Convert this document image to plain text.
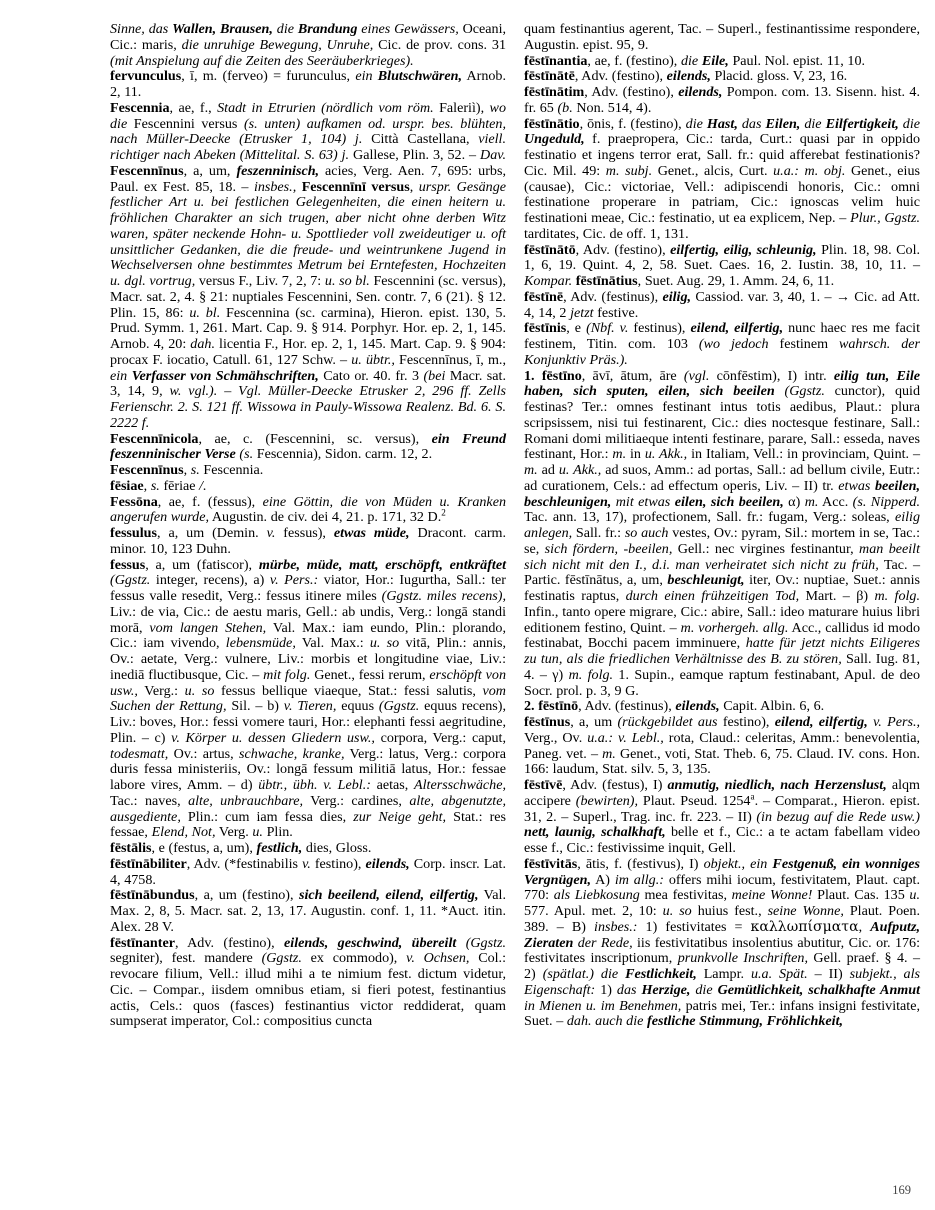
Sinne, das Wallen, Brausen, die Brandung eines Gewässers, Oceani, Cic.: maris, die unruhige Bewegung, Unruhe, Cic. de prov. cons. 31 (mit Anspielung auf die Zeiten des Seeräuberkrieges).

fervunculus, ī, m. (ferveo) = furunculus, ein Blutschwären, Arnob. 2, 11.

Fescennia, ae, f., Stadt in Etrurien (nördlich vom röm. Faleriì), wo die Fescennini versus (s. unten) aufkamen od. urspr. bes. blühten, nach Müller-Deecke (Etrusker 1, 104) j. Città Castellana, viell. richtiger nach Abeken (Mittelital. S. 63) j. Gallese, Plin. 3, 52. – Dav. Fescennīnus, a, um, feszenninisch, acies, Verg. Aen. 7, 695: urbs, Paul. ex Fest. 85, 18. – insbes., Fescennīnī versus, urspr. Gesänge festlicher Art u. bei festlichen Gelegenheiten, die einen heitern u. fröhlichen Charakter an sich trugen, aber nicht ohne derben Witz waren, später neckende Hohn- u. Spottlieder voll zweideutiger u. oft unsittlicher Gedanken, die die freude- und weintrunkene Jugend in Wechselversen ohne bestimmtes Metrum bei Erntefesten, Hochzeiten u. dgl. vortrug, versus F., Liv. 7, 2, 7: u. so bl. Fescennini (sc. versus), Macr. sat. 2, 4. § 21: nuptiales Fescennini, Sen. contr. 7, 6 (21). § 12. Plin. 15, 86: u. bl. Fescennina (sc. carmina), Hieron. epist. 130, 5. Prud. Symm. 1, 261. Mart. Cap. 9. § 914. Porphyr. Hor. ep. 2, 1, 145. Arnob. 4, 20: dah. licentia F., Hor. ep. 2, 1, 145. Mart. Cap. 9. § 904: procax F. iocatio, Catull. 61, 127 Schw. – u. übtr., Fescennīnus, ī, m., ein Verfasser von Schmähschriften, Cato or. 40. fr. 3 (bei Macr. sat. 3, 14, 9, w. vgl.). – Vgl. Müller-Deecke Etrusker 2, 296 ff. Zells Ferienschr. 2. S. 121 ff. Wissowa in Pauly-Wissowa Realenz. Bd. 6. S. 2222 f.

Fescennīnicola, ae, c. (Fescennini, sc. versus), ein Freund feszenninischer Verse (s. Fescennia), Sidon. carm. 12, 2.

Fescennīnus, s. Fescennia.

fēsiae, s. fēriae /.

Fessōna, ae, f. (fessus), eine Göttin, die von Müden u. Kranken angerufen wurde, Augustin. de civ. dei 4, 21. p. 171, 32 D.$^2$

fessulus, a, um (Demin. v. fessus), etwas müde, Dracont. carm. minor. 10, 123 Duhn.

fessus, a, um (fatiscor), mürbe, müde, matt, erschöpft, entkräftet (Ggstz. integer, recens), a) v. Pers.: viator, Hor.: Iugurtha, Sall.: ter fessus valle resedit, Verg.: fessus itinere miles (Ggstz. miles recens), Liv.: de via, Cic.: de aestu maris, Gell.: ab undis, Verg.: longā standi morā, vom langen Stehen, Val. Max.: iam eundo, Plin.: plorando, Cic.: iam vivendo, lebensmüde, Val. Max.: u. so vitā, Plin.: annis, Ov.: aetate, Verg.: vulnere, Liv.: morbis et longitudine viae, Liv.: inediā fluctibusque, Cic. – mit folg. Genet., fessi rerum, erschöpft von usw., Verg.: u. so fessus bellique viaeque, Stat.: fessi salutis, vom Suchen der Rettung, Sil. – b) v. Tieren, equus (Ggstz. equus recens), Liv.: boves, Hor.: fessi vomere tauri, Hor.: elephanti fessi aegritudine, Plin. – c) v. Körper u. dessen Gliedern usw., corpora, Verg.: caput, todesmatt, Ov.: artus, schwache, kranke, Verg.: latus, Verg.: corpora duris fessa ministeriis, Ov.: longā fessum militiā latus, Hor.: fessae labore vires, Amm. – d) übtr., übh. v. Lebl.: aetas, Altersschwäche, Tac.: naves, alte, unbrauchbare, Verg.: cardines, alte, abgenutzte, ausgediente, Plin.: cum iam fessa dies, zur Neige geht, Stat.: res fessae, Elend, Not, Verg. u. Plin.

fēstālis, e (festus, a, um), festlich, dies, Gloss.

fēstīnābiliter, Adv. (*festinabilis v. festino), eilends, Corp. inscr. Lat. 4, 4758.

fēstīnābundus, a, um (festino), sich beeilend, eilend, eilfertig, Val. Max. 2, 8, 5. Macr. sat. 2, 13, 17. Augustin. conf. 1, 11. *Auct. itin. Alex. 28 V.

fēstīnanter, Adv. (festino), eilends, geschwind, übereilt (Ggstz. segniter), fest. mandere (Ggstz. ex commodo), v. Ochsen, Col.: revocare filium, Vell.: illud mihi a te nimium fest. dictum videtur, Cic. – Compar., iisdem omnibus etiam, si fieri potest, festinantius actis, Cels.: quos (fasces) festinantius victor reddiderat, quam sumpserat imperator, Col.: compositius cuncta

quam festinantius agerent, Tac. – Superl., festinantissime respondere, Augustin. epist. 95, 9.

fēstīnantia, ae, f. (festino), die Eile, Paul. Nol. epist. 11, 10.

fēstīnātē, Adv. (festino), eilends, Placid. gloss. V, 23, 16.

fēstīnātim, Adv. (festino), eilends, Pompon. com. 13. Sisenn. hist. 4. fr. 65 (b. Non. 514, 4).

fēstīnātio, ōnis, f. (festino), die Hast, das Eilen, die Eilfertigkeit, die Ungeduld, f. praepropera, Cic.: tarda, Curt.: quasi par in oppido festinatio et ingens terror erat, Sall. fr.: quid afferebat festinationis? Cic. Mil. 49: m. subj. Genet., alcis, Curt. u.a.: m. obj. Genet., eius (causae), Cic.: victoriae, Vell.: adipiscendi honoris, Cic.: omni festinatione properare in patriam, Cic.: ignoscas velim huic festinationi meae, Cic.: festinatio, ut ea explicem, Nep. – Plur., Ggstz. tarditates, Cic. de off. 1, 131.

fēstīnātō, Adv. (festino), eilfertig, eilig, schleunig, Plin. 18, 98. Col. 1, 6, 19. Quint. 4, 2, 58. Suet. Caes. 16, 2. Iustin. 38, 10, 11. – Kompar. fēstīnātius, Suet. Aug. 29, 1. Amm. 24, 6, 11.

fēstīnē, Adv. (festinus), eilig, Cassiod. var. 3, 40, 1. – → Cic. ad Att. 4, 14, 2 jetzt festive.

fēstīnis, e (Nbf. v. festinus), eilend, eilfertig, nunc haec res me facit festinem, Titin. com. 103 (wo jedoch festinem wahrsch. der Konjunktiv Präs.).

1. fēstīno, āvī, ātum, āre (vgl. cōnfēstim), I) intr. eilig tun, Eile haben, sich sputen, eilen, sich beeilen (Ggstz. cunctor), quid festinas? Ter.: omnes festinant intus totis aedibus, Plaut.: plura scripsissem, nisi tui festinarent, Cic.: dies noctesque festinare, Sall.: Romani domi militiaeque intenti festinare, parare, Sall.: esseda, naves festinant, Hor.: m. in u. Akk., in Italiam, Vell.: in provinciam, Quint. – m. ad u. Akk., ad suos, Amm.: ad portas, Sall.: ad bellum civile, Eutr.: ad curationem, Cels.: ad effectum operis, Liv. – II) tr. etwas beeilen, beschleunigen, mit etwas eilen, sich beeilen, α) m. Acc. (s. Nipperd. Tac. ann. 13, 17), profectionem, Sall. fr.: fugam, Verg.: soleas, eilig anlegen, Sall. fr.: so auch vestes, Ov.: pyram, Sil.: mortem in se, Tac.: se, sich fördern, -beeilen, Gell.: nec virgines festinantur, man beeilt sich nicht mit den I., d.i. man verheiratet sich nicht zu früh, Tac. – Partic. fēstīnātus, a, um, beschleunigt, iter, Ov.: nuptiae, Suet.: annis festinatis raptus, durch einen frühzeitigen Tod, Mart. – β) m. folg. Infin., tanto opere migrare, Cic.: abire, Sall.: ideo maturare huius libri editionem festino, Quint. – m. vorhergeh. allg. Acc., callidus id modo festinabat, Bocchi pacem imminuere, hatte für jetzt nichts Eiligeres zu tun, als die friedlichen Verhältnisse des B. zu stören, Sall. Iug. 81, 4. – γ) m. folg. 1. Supin., eamque raptum festinabant, Apul. de deo Socr. prol. p. 3, 9 G.

2. fēstīnō, Adv. (festinus), eilends, Capit. Albin. 6, 6.

fēstīnus, a, um (rückgebildet aus festino), eilend, eilfertig, v. Pers., Verg., Ov. u.a.: v. Lebl., rota, Claud.: celeritas, Amm.: benevolentia, Paneg. vet. – m. Genet., voti, Stat. Theb. 6, 75. Claud. IV. cons. Hon. 166: laudum, Stat. silv. 5, 3, 135.

fēstīvē, Adv. (festus), I) anmutig, niedlich, nach Herzenslust, alqm accipere (bewirten), Plaut. Pseud. 1254$^a$. – Comparat., Hieron. epist. 31, 2. – Superl., Trag. inc. fr. 223. – II) (in bezug auf die Rede usw.) nett, launig, schalkhaft, belle et f., Cic.: a te actam fabellam video esse f., Cic.: festivissime inquit, Gell.

fēstīvitās, ātis, f. (festivus), I) objekt., ein Festgenuß, ein wonniges Vergnügen, A) im allg.: offers mihi iocum, festivitatem, Plaut. capt. 770: als Liebkosung mea festivitas, meine Wonne! Plaut. Cas. 135 u. 577. Apul. met. 2, 10: u. so huius fest., seine Wonne, Plaut. Poen. 389. – B) insbes.: 1) festivitates = καλλωπίσματα, Aufputz, Zieraten der Rede, iis festivitatibus insolentius abutitur, Cic. or. 176: festivitates inscriptionum, prunkvolle Inschriften, Gell. praef. § 4. – 2) (spätlat.) die Festlichkeit, Lampr. u.a. Spät. – II) subjekt., als Eigenschaft: 1) das Herzige, die Gemütlichkeit, schalkhafte Anmut in Mienen u. im Benehmen, patris mei, Ter.: infans insigni festivitate, Suet. – dah. auch die festliche Stimmung, Fröhlichkeit,

169
